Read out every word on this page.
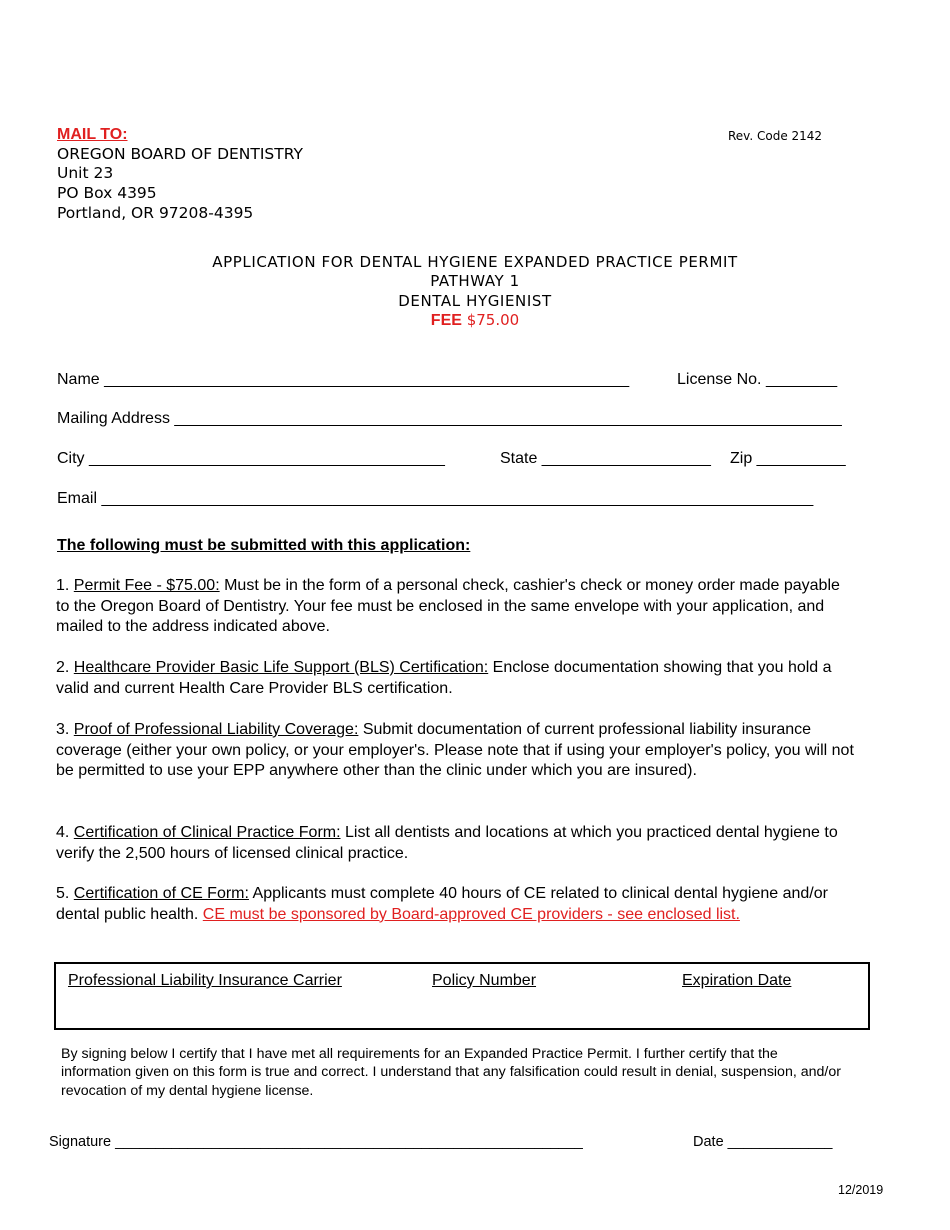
MAIL TO:
OREGON BOARD OF DENTISTRY
Unit 23
PO Box 4395
Portland, OR 97208-4395
Rev. Code 2142
APPLICATION FOR DENTAL HYGIENE EXPANDED PRACTICE PERMIT
PATHWAY 1
DENTAL HYGIENIST
FEE $75.00
Name ___________________________________________________________	License No. ________
Mailing Address ___________________________________________________________________________
City ________________________________________	State ___________________ Zip __________
Email ________________________________________________________________________________
The following must be submitted with this application:
1. Permit Fee - $75.00: Must be in the form of a personal check, cashier's check or money order made payable to the Oregon Board of Dentistry. Your fee must be enclosed in the same envelope with your application, and mailed to the address indicated above.
2. Healthcare Provider Basic Life Support (BLS) Certification: Enclose documentation showing that you hold a valid and current Health Care Provider BLS certification.
3. Proof of Professional Liability Coverage: Submit documentation of current professional liability insurance coverage (either your own policy, or your employer's. Please note that if using your employer's policy, you will not be permitted to use your EPP anywhere other than the clinic under which you are insured).
4. Certification of Clinical Practice Form: List all dentists and locations at which you practiced dental hygiene to verify the 2,500 hours of licensed clinical practice.
5. Certification of CE Form: Applicants must complete 40 hours of CE related to clinical dental hygiene and/or dental public health. CE must be sponsored by Board-approved CE providers - see enclosed list.
Professional Liability Insurance Carrier	Policy Number	Expiration Date
By signing below I certify that I have met all requirements for an Expanded Practice Permit. I further certify that the information given on this form is true and correct. I understand that any falsification could result in denial, suspension, and/or revocation of my dental hygiene license.
Signature __________________________________________________________	Date _____________
12/2019
